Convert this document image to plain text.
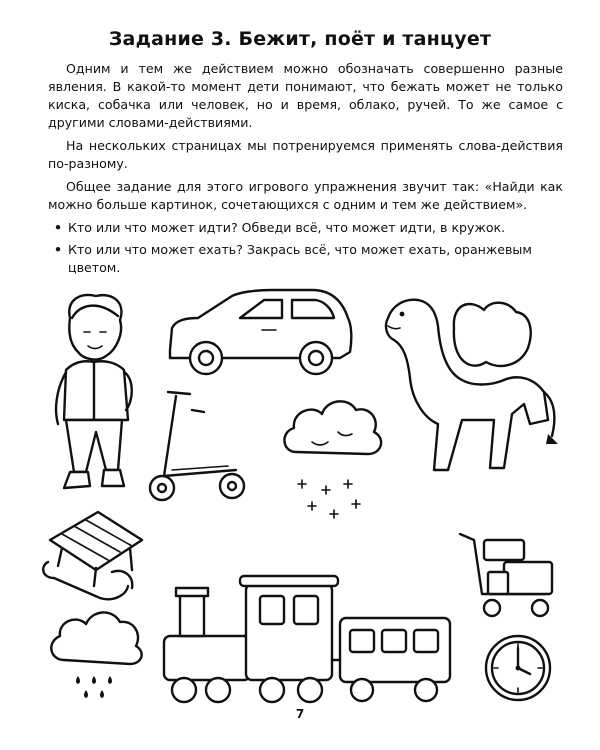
Задание 3. Бежит, поёт и танцует

Одним и тем же действием можно обозначать совершенно разные явления. В какой-то момент дети понимают, что бежать может не только киска, собачка или человек, но и время, облако, ручей. То же самое с другими словами-действиями.

На нескольких страницах мы потренируемся применять слова-действия по-разному.

Общее задание для этого игрового упражнения звучит так: «Найди как можно больше картинок, сочетающихся с одним и тем же действием».

• Кто или что может идти? Обведи всё, что может идти, в кружок.
• Кто или что может ехать? Закрась всё, что может ехать, оранжевым цветом.
7
